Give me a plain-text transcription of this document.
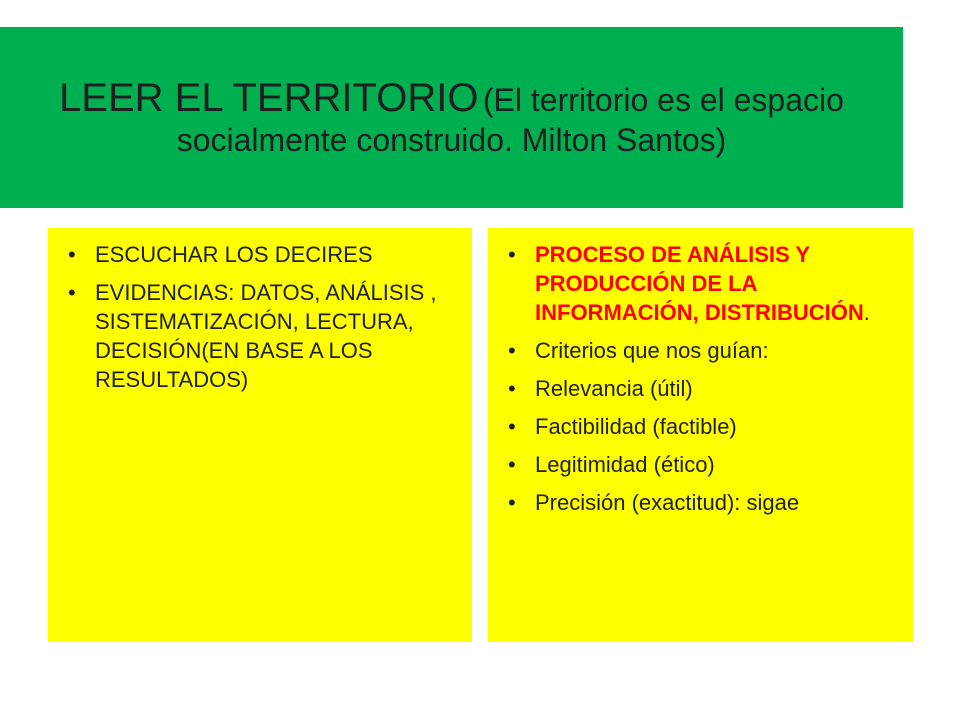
LEER EL TERRITORIO (El territorio es el espacio socialmente construido. Milton Santos)
• ESCUCHAR LOS DECIRES
• EVIDENCIAS: DATOS, ANÁLISIS , SISTEMATIZACIÓN, LECTURA, DECISIÓN(EN BASE A LOS RESULTADOS)
• PROCESO DE ANÁLISIS Y PRODUCCIÓN DE LA INFORMACIÓN, DISTRIBUCIÓN.
• Criterios que nos guían:
• Relevancia (útil)
• Factibilidad (factible)
• Legitimidad (ético)
• Precisión (exactitud): sigae
